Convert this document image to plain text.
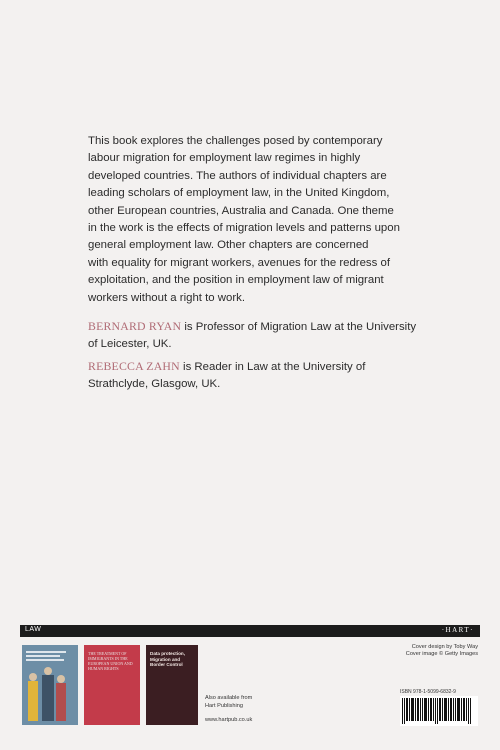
This book explores the challenges posed by contemporary
labour migration for employment law regimes in highly
developed countries. The authors of individual chapters are
leading scholars of employment law, in the United Kingdom,
other European countries, Australia and Canada. One theme
in the work is the effects of migration levels and patterns upon
general employment law. Other chapters are concerned
with equality for migrant workers, avenues for the redress of
exploitation, and the position in employment law of migrant
workers without a right to work.
BERNARD RYAN is Professor of Migration Law at the University
of Leicester, UK.
REBECCA ZAHN is Reader in Law at the University of
Strathclyde, Glasgow, UK.
LAW	·HART·
THE TREATMENT OF IMMIGRANTS IN THE EUROPEAN UNION AND HUMAN RIGHTS
Data protection, Migration and Border Control
Also available from
Hart Publishing
www.hartpub.co.uk
Cover design by Toby Way
Cover image © Getty Images
ISBN 978-1-5099-6832-9
